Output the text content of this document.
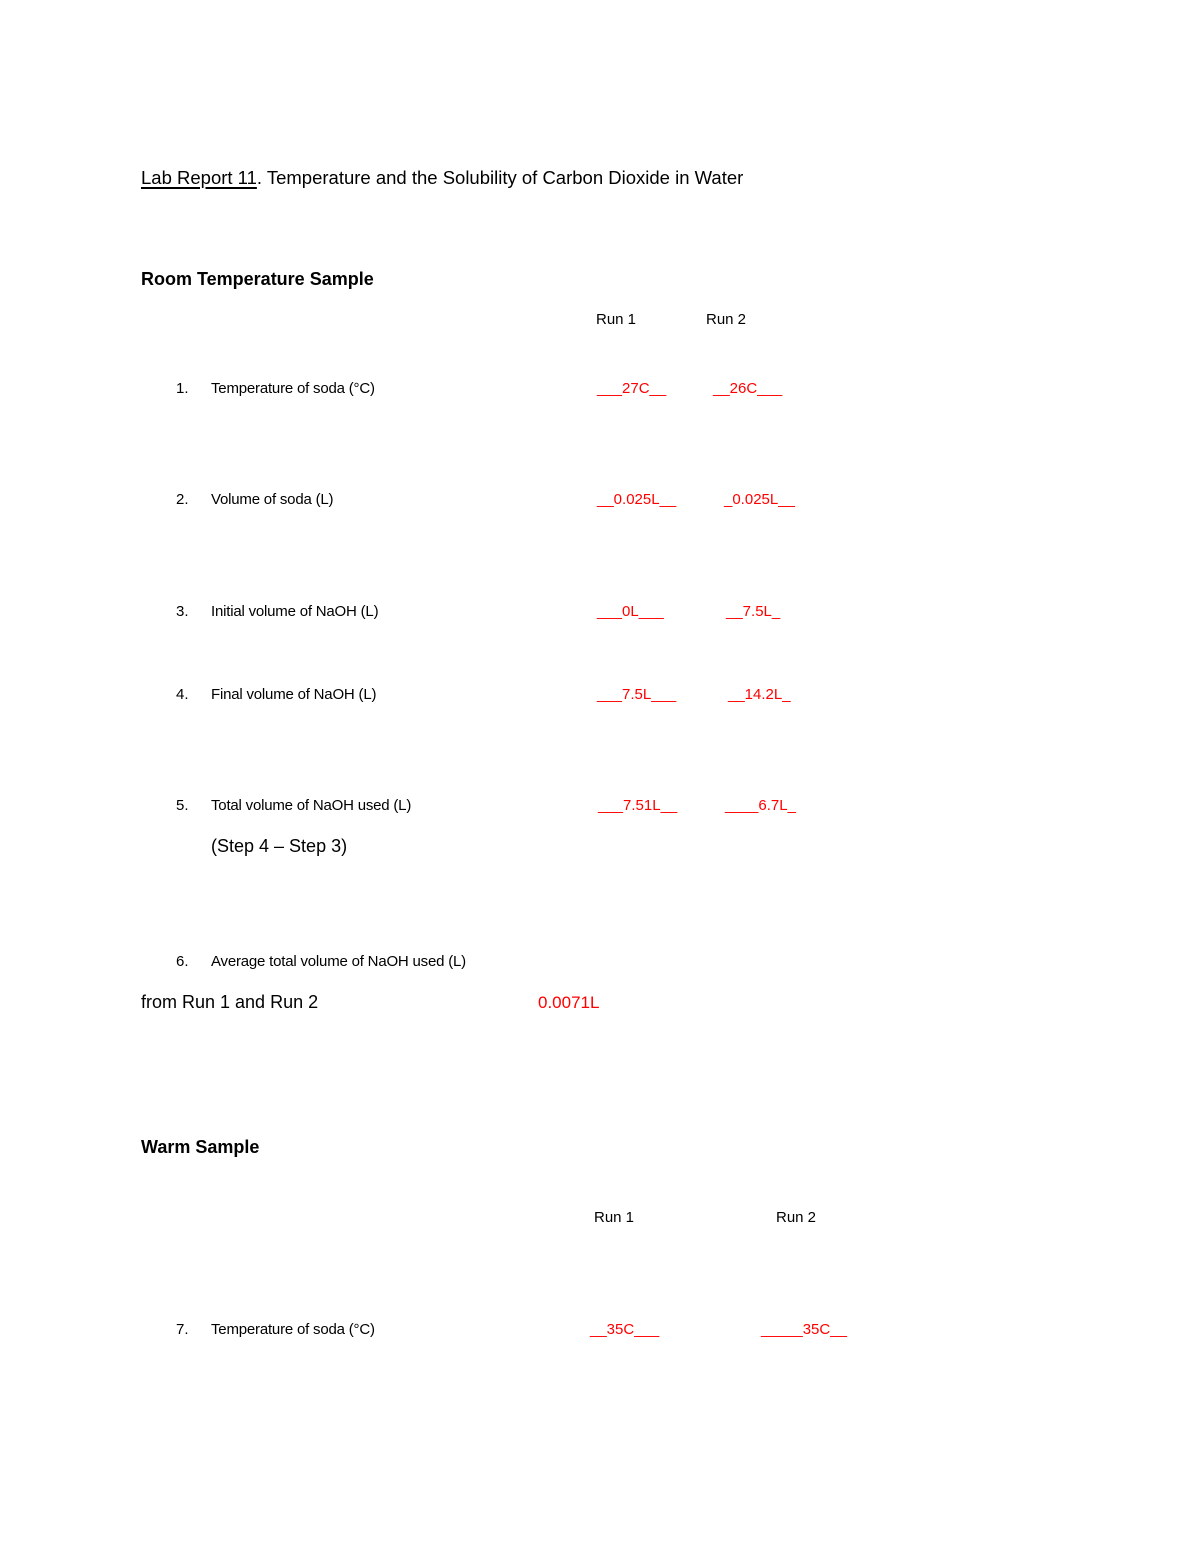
Lab Report 11. Temperature and the Solubility of Carbon Dioxide in Water
Room Temperature Sample
Run 1	Run 2
1. Temperature of soda (°C)	___27C__	__26C___
2. Volume of soda (L)	__0.025L__	_0.025L__
3. Initial volume of NaOH (L)	___0L___	__7.5L_
4. Final volume of NaOH (L)	___7.5L___	__14.2L_
5. Total volume of NaOH used (L)	___7.51L__	____6.7L_
(Step 4 – Step 3)
6. Average total volume of NaOH used (L)
from Run 1 and Run 2	0.0071L
Warm Sample
Run 1	Run 2
7. Temperature of soda (°C)	__35C___	_____35C__
